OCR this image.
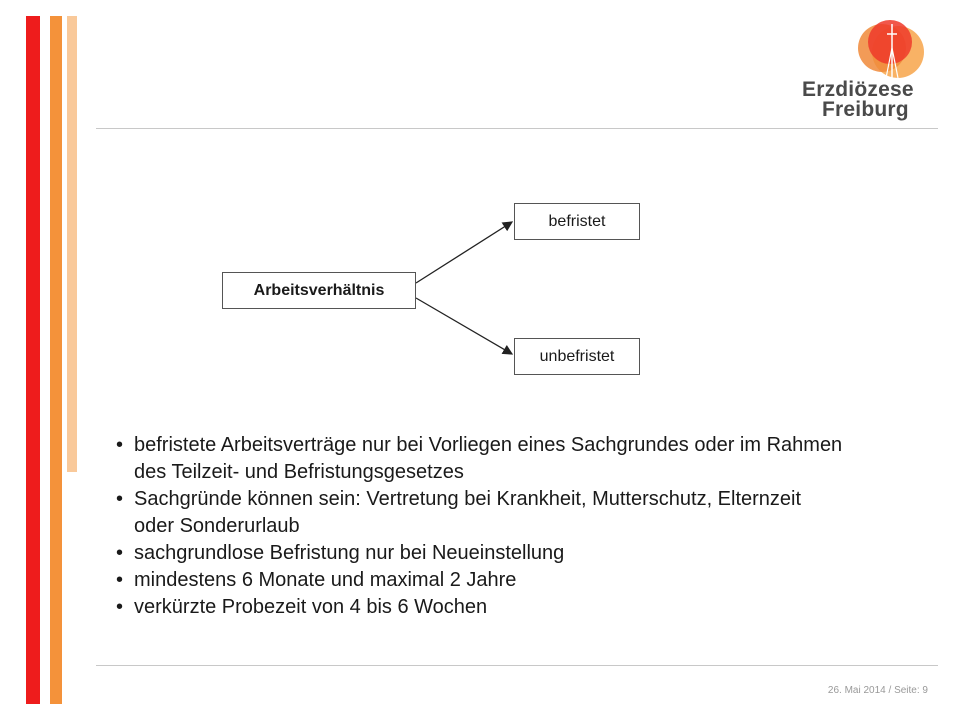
Erzdiözese
Freiburg
Arbeitsverhältnis
befristet
unbefristet
• befristete Arbeitsverträge nur bei Vorliegen eines Sachgrundes oder im Rahmen des Teilzeit- und Befristungsgesetzes
• Sachgründe können sein: Vertretung bei Krankheit, Mutterschutz, Elternzeit oder Sonderurlaub
• sachgrundlose Befristung nur bei Neueinstellung
• mindestens 6 Monate und maximal 2 Jahre
• verkürzte Probezeit von 4 bis 6 Wochen
26. Mai 2014 / Seite: 9
